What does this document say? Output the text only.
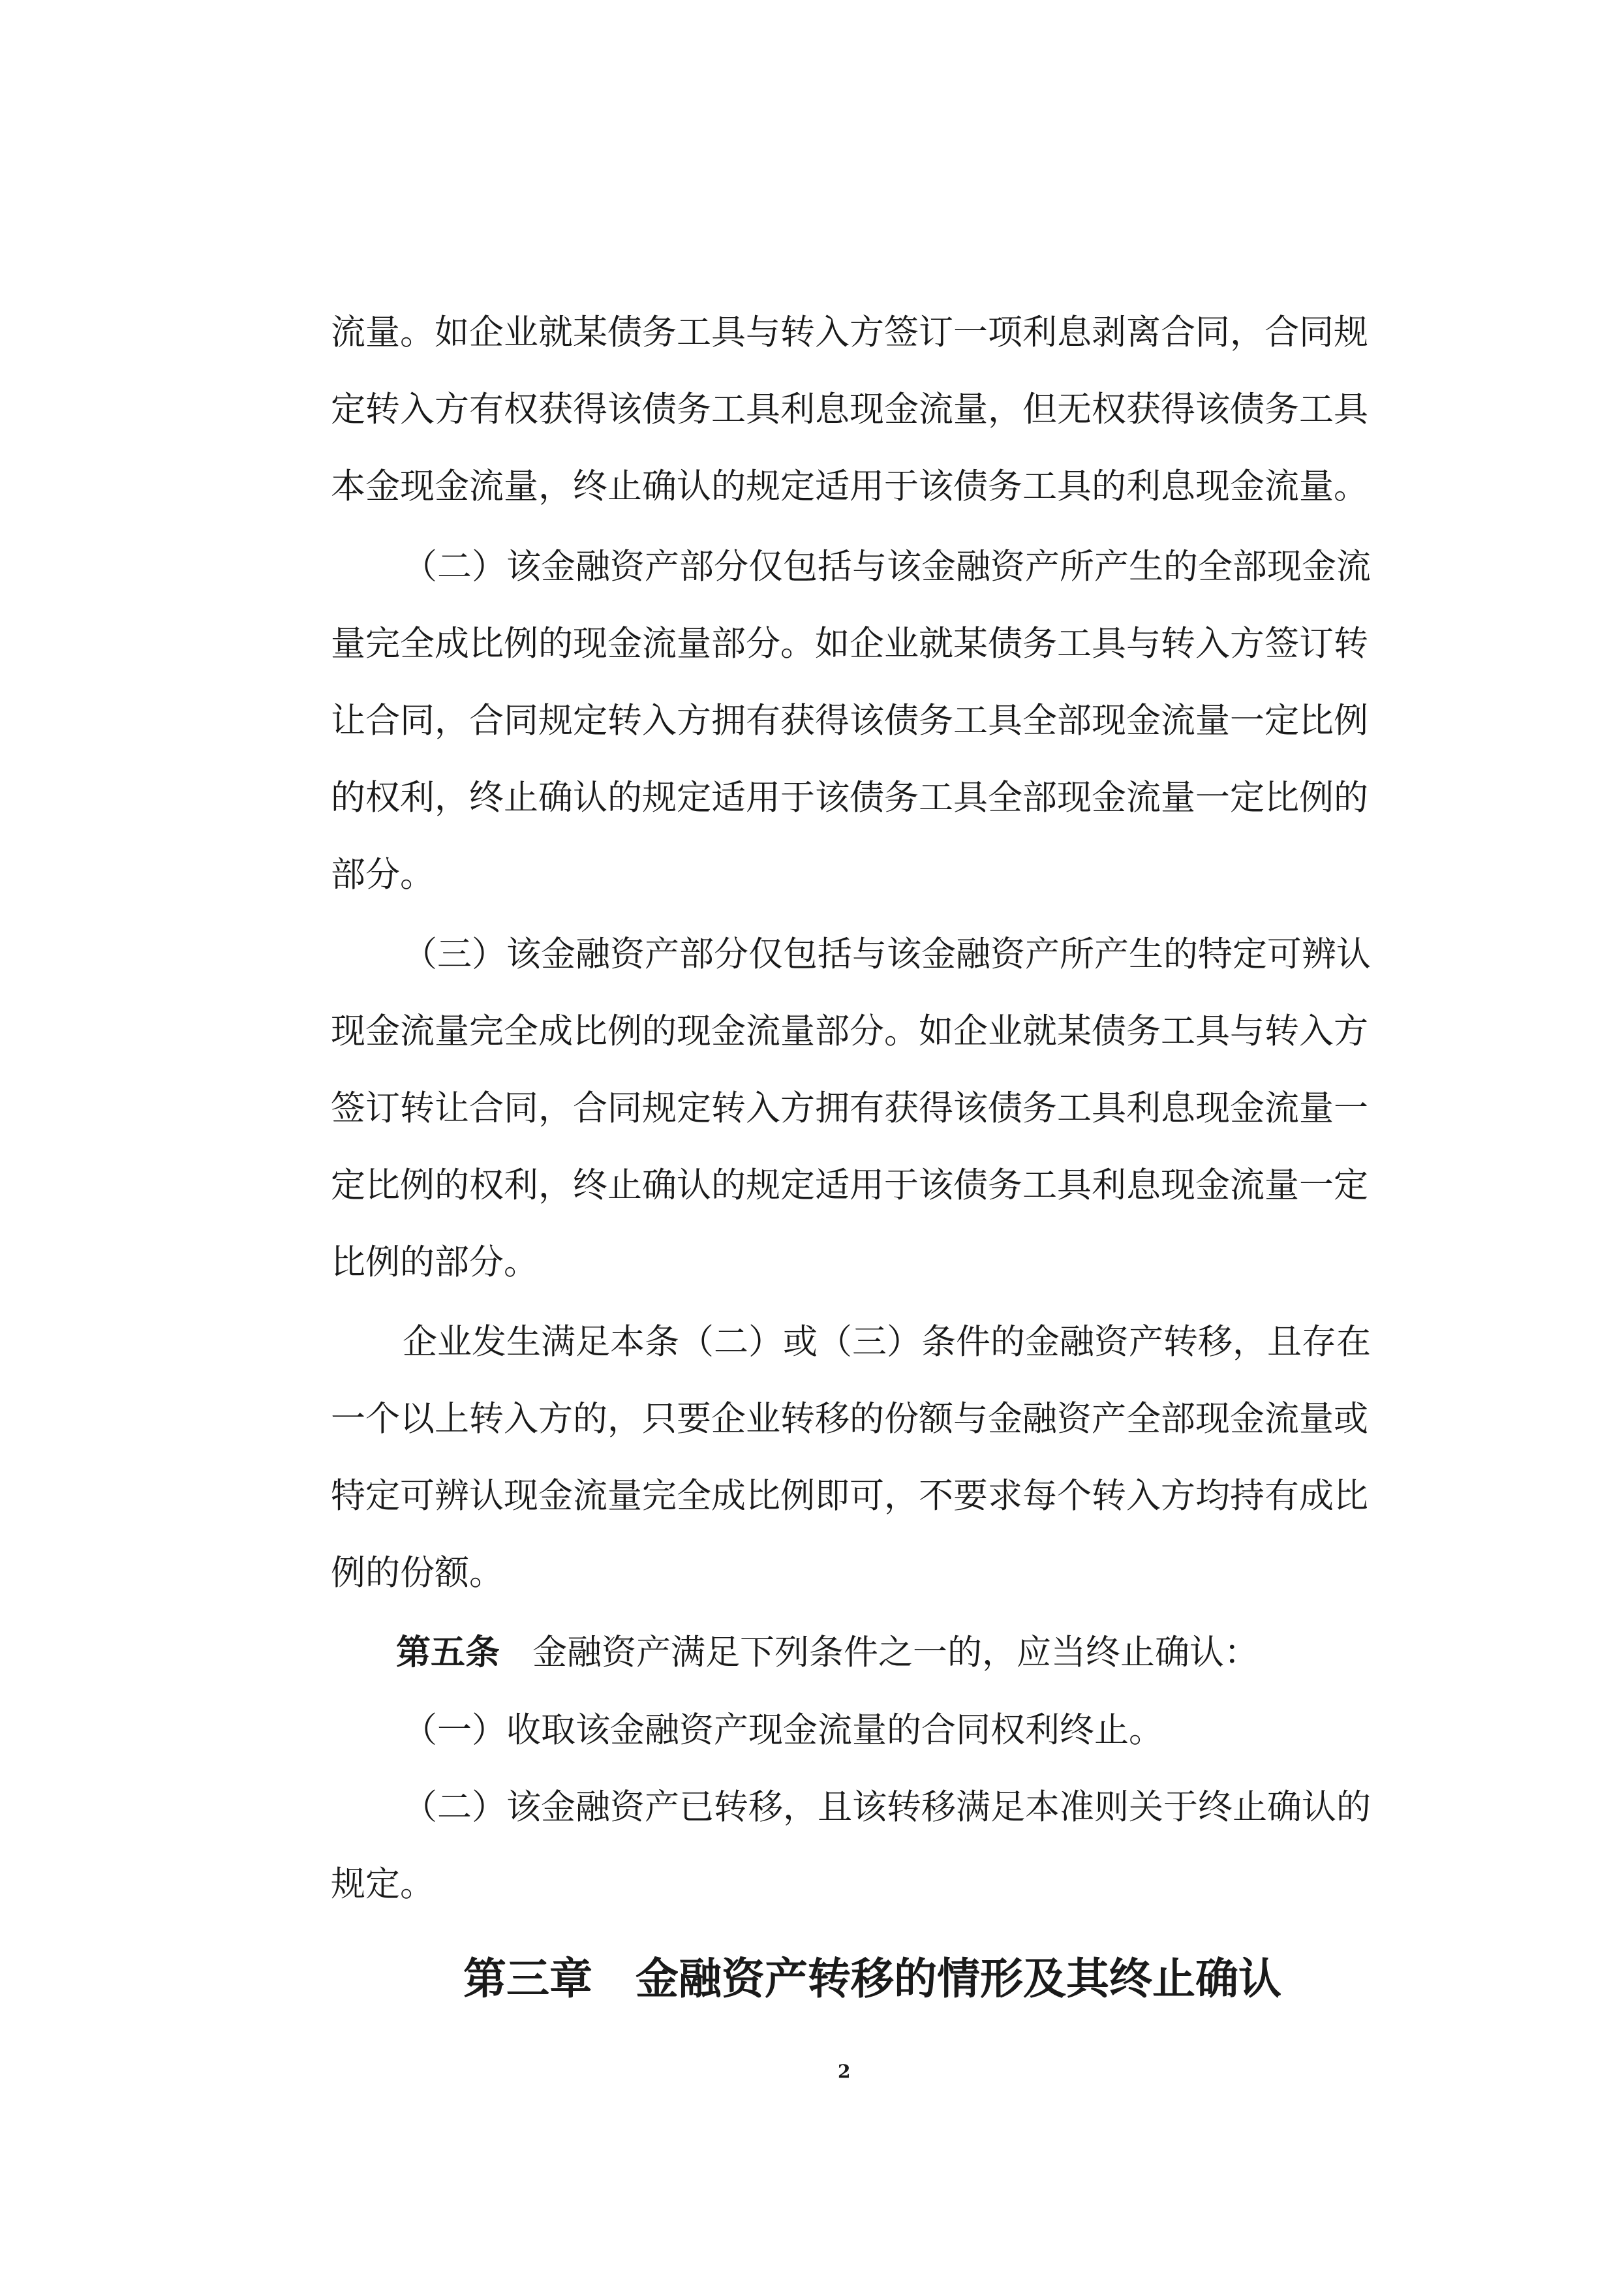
流量。如企业就某债务工具与转入方签订一项利息剥离合同，合同规

定转入方有权获得该债务工具利息现金流量，但无权获得该债务工具

本金现金流量，终止确认的规定适用于该债务工具的利息现金流量。

（二）该金融资产部分仅包括与该金融资产所产生的全部现金流

量完全成比例的现金流量部分。如企业就某债务工具与转入方签订转

让合同，合同规定转入方拥有获得该债务工具全部现金流量一定比例

的权利，终止确认的规定适用于该债务工具全部现金流量一定比例的

部分。

（三）该金融资产部分仅包括与该金融资产所产生的特定可辨认

现金流量完全成比例的现金流量部分。如企业就某债务工具与转入方

签订转让合同，合同规定转入方拥有获得该债务工具利息现金流量一

定比例的权利，终止确认的规定适用于该债务工具利息现金流量一定

比例的部分。

企业发生满足本条（二）或（三）条件的金融资产转移，且存在

一个以上转入方的，只要企业转移的份额与金融资产全部现金流量或

特定可辨认现金流量完全成比例即可，不要求每个转入方均持有成比

例的份额。

第五条 金融资产满足下列条件之一的，应当终止确认：

（一）收取该金融资产现金流量的合同权利终止。

（二）该金融资产已转移，且该转移满足本准则关于终止确认的

规定。

第三章　金融资产转移的情形及其终止确认
2
